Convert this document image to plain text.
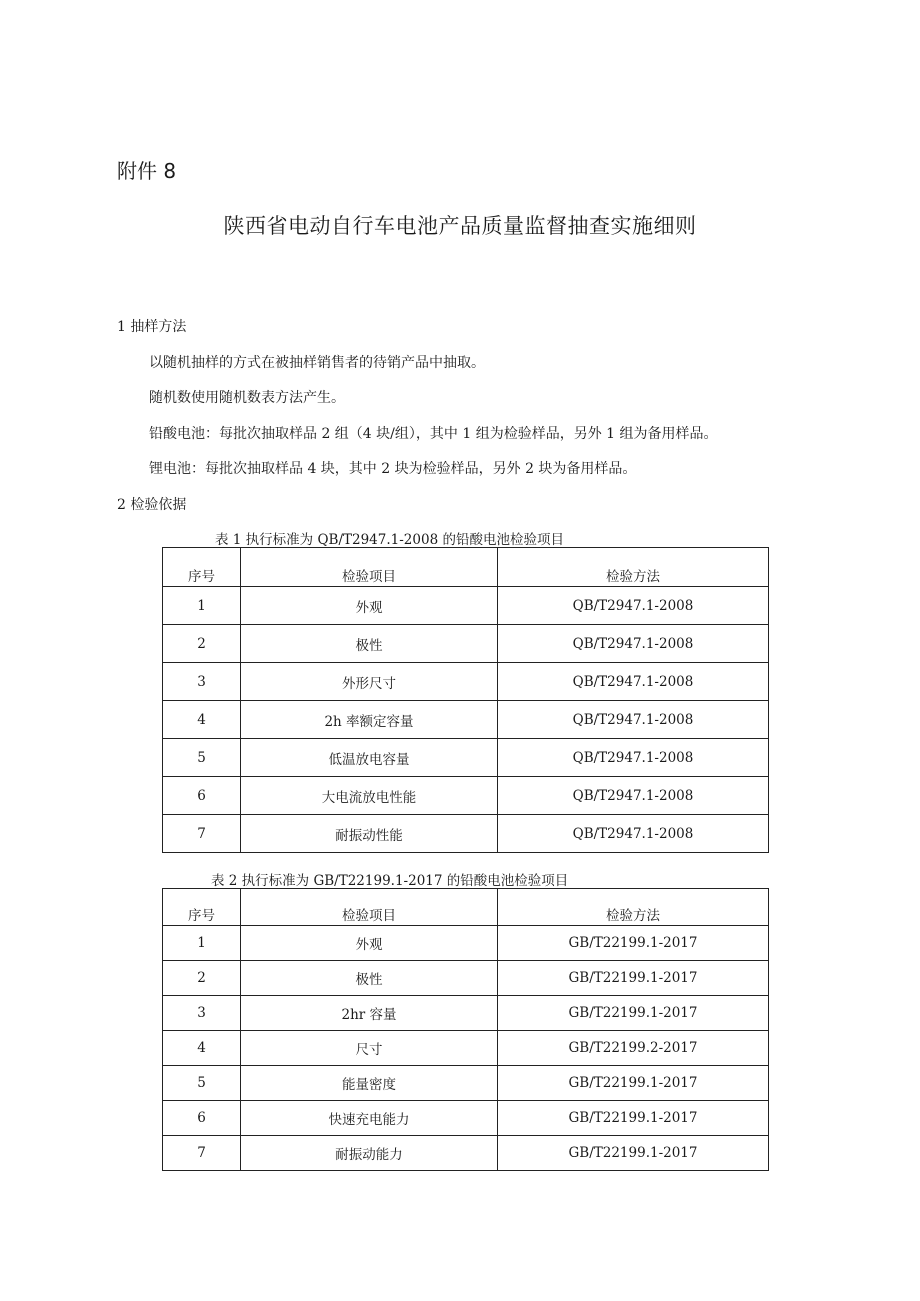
附件 8
陕西省电动自行车电池产品质量监督抽查实施细则
1 抽样方法
以随机抽样的方式在被抽样销售者的待销产品中抽取。
随机数使用随机数表方法产生。
铅酸电池：每批次抽取样品 2 组（4 块/组），其中 1 组为检验样品，另外 1 组为备用样品。
锂电池：每批次抽取样品 4 块，其中 2 块为检验样品，另外 2 块为备用样品。
2 检验依据
表 1 执行标准为 QB/T2947.1-2008 的铅酸电池检验项目
序号	检验项目	检验方法
1	外观	QB/T2947.1-2008
2	极性	QB/T2947.1-2008
3	外形尺寸	QB/T2947.1-2008
4	2h 率额定容量	QB/T2947.1-2008
5	低温放电容量	QB/T2947.1-2008
6	大电流放电性能	QB/T2947.1-2008
7	耐振动性能	QB/T2947.1-2008
表 2 执行标准为 GB/T22199.1-2017 的铅酸电池检验项目
序号	检验项目	检验方法
1	外观	GB/T22199.1-2017
2	极性	GB/T22199.1-2017
3	2hr 容量	GB/T22199.1-2017
4	尺寸	GB/T22199.2-2017
5	能量密度	GB/T22199.1-2017
6	快速充电能力	GB/T22199.1-2017
7	耐振动能力	GB/T22199.1-2017
